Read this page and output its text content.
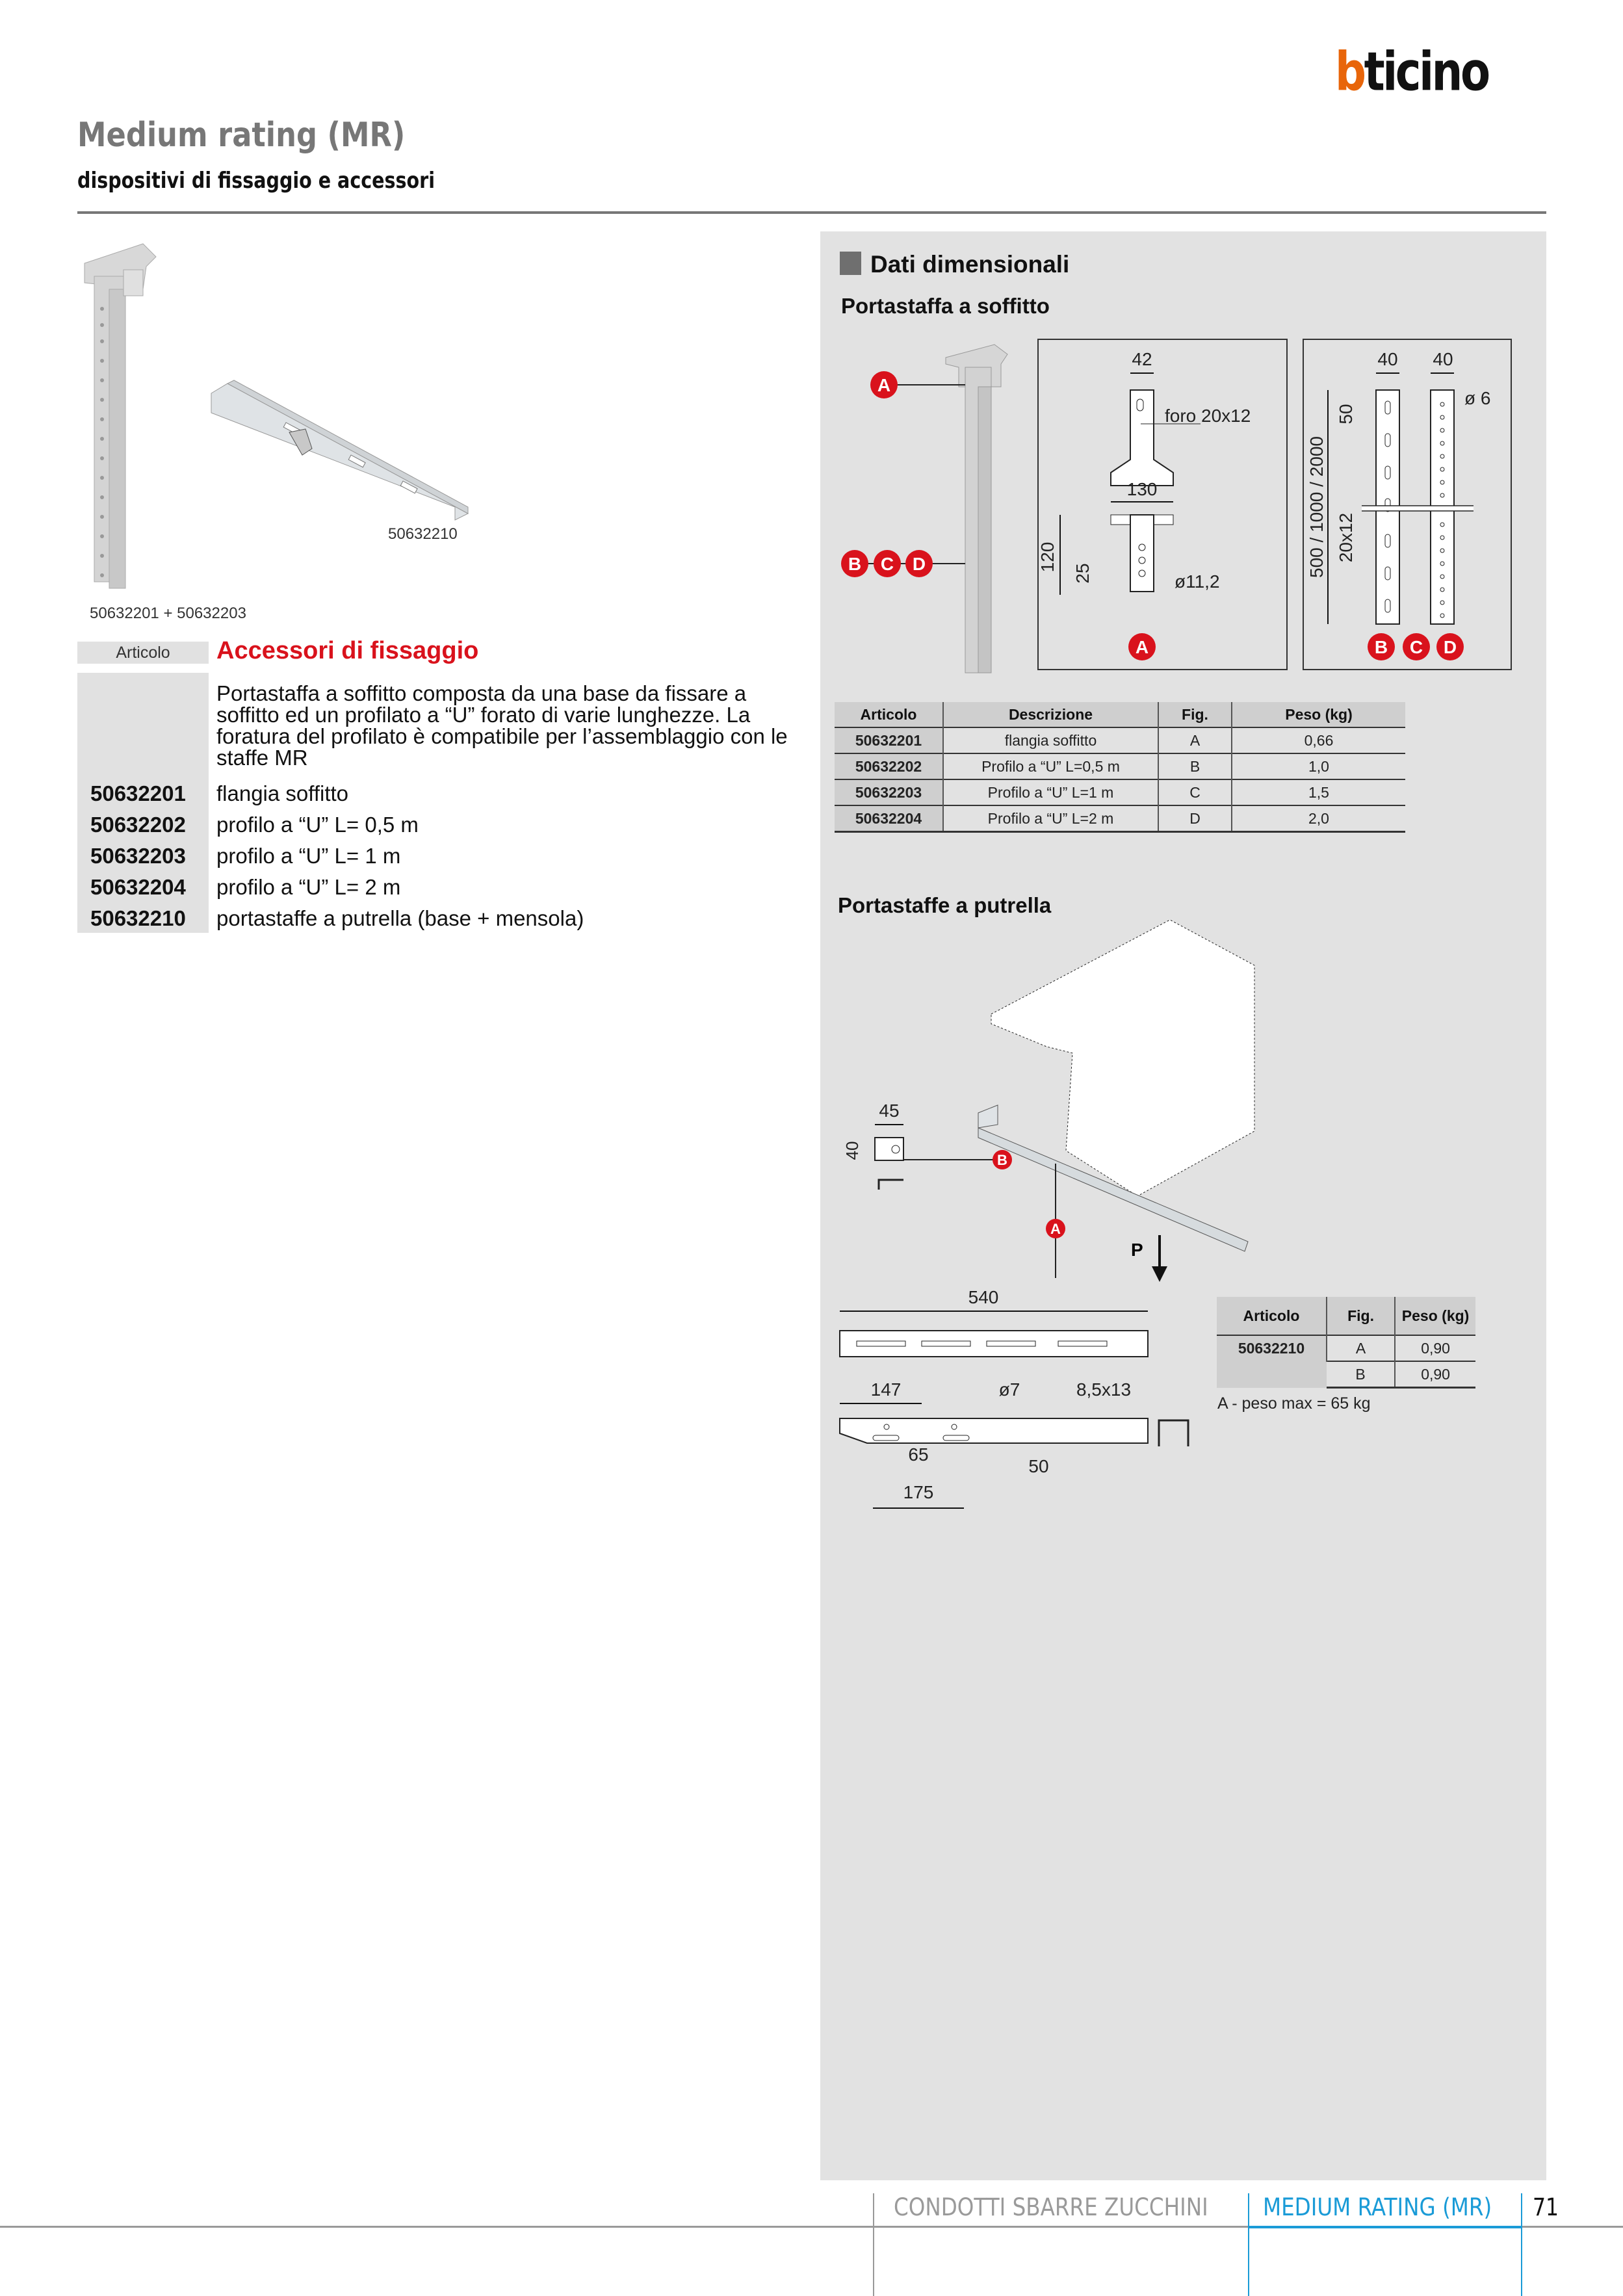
bticino
Medium rating (MR)
dispositivi di fissaggio e accessori
50632201 + 50632203
50632210
Articolo	Accessori di fissaggio
Portastaffa a soffitto composta da una base da fissare a soffitto ed un profilato a “U” forato di varie lunghezze. La foratura del profilato è compatibile per l’assemblaggio con le staffe MR
50632201	flangia soffitto
50632202	profilo a “U” L= 0,5 m
50632203	profilo a “U” L= 1 m
50632204	profilo a “U” L= 2 m
50632210	portastaffe a putrella (base + mensola)
Dati dimensionali
Portastaffa a soffitto
A
B C D
42
foro 20x12
130
120
25	ø11,2
A
40 40
ø 6
500 / 1000 / 2000
50
20x12
B C D
Articolo	Descrizione	Fig.	Peso (kg)
50632201	flangia soffitto	A	0,66
50632202	Profilo a “U” L=0,5 m	B	1,0
50632203	Profilo a “U” L=1 m	C	1,5
50632204	Profilo a “U” L=2 m	D	2,0
Portastaffe a putrella
B
A
P
45
40
540
147	ø7	8,5x13
65
50
175
Articolo	Fig.	Peso (kg)
50632210	A	0,90
	B	0,90
A - peso max = 65 kg
CONDOTTI SBARRE ZUCCHINI MEDIUM RATING (MR) 71
